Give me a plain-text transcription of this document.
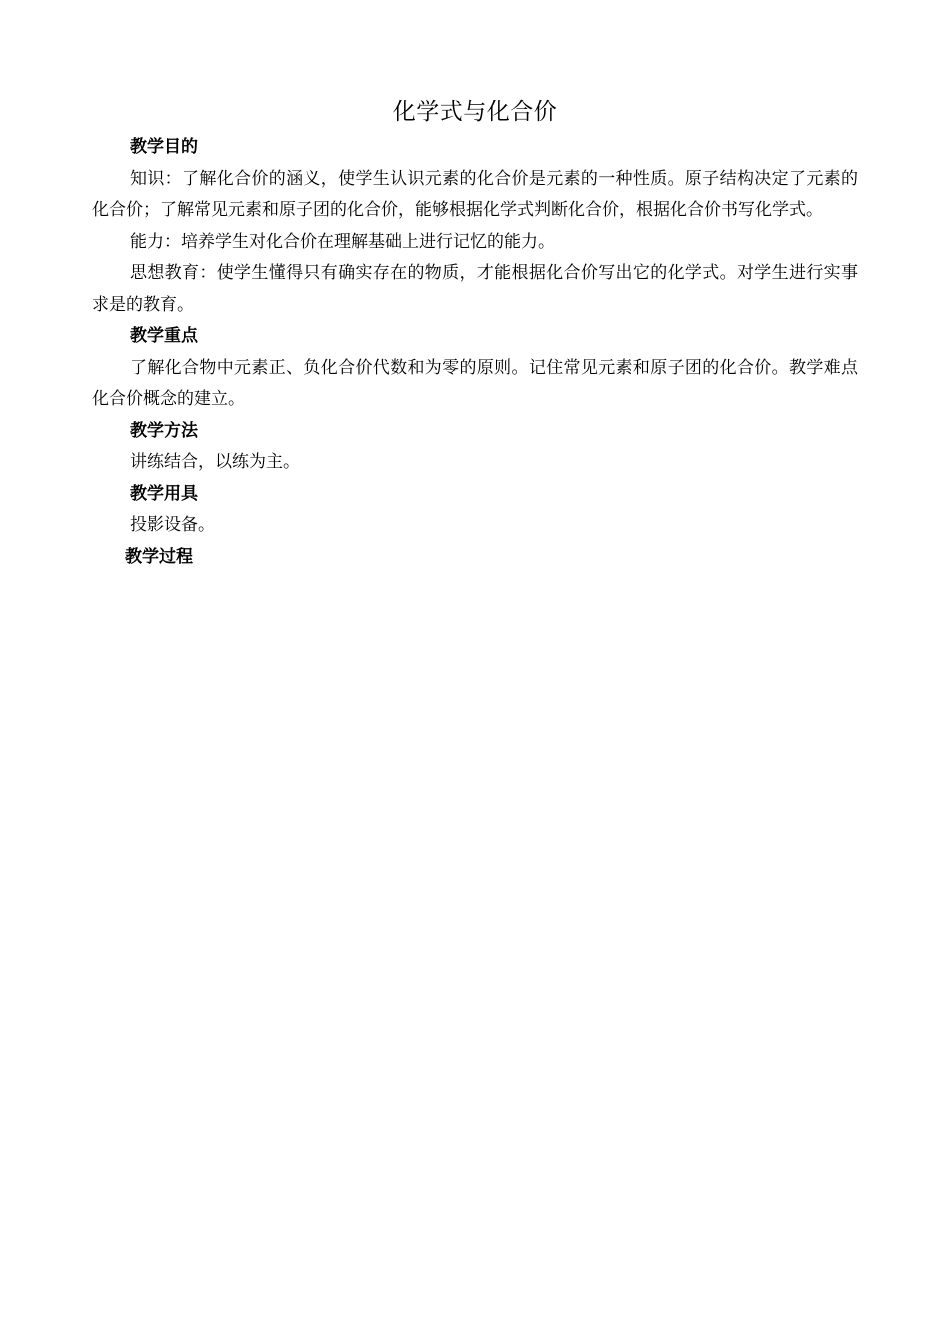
化学式与化合价

教学目的

知识：了解化合价的涵义，使学生认识元素的化合价是元素的一种性质。原子结构决定了元素的化合价；了解常见元素和原子团的化合价，能够根据化学式判断化合价，根据化合价书写化学式。

能力：培养学生对化合价在理解基础上进行记忆的能力。

思想教育：使学生懂得只有确实存在的物质，才能根据化合价写出它的化学式。对学生进行实事求是的教育。

教学重点

了解化合物中元素正、负化合价代数和为零的原则。记住常见元素和原子团的化合价。教学难点化合价概念的建立。

教学方法

讲练结合，以练为主。

教学用具

投影设备。

教学过程
